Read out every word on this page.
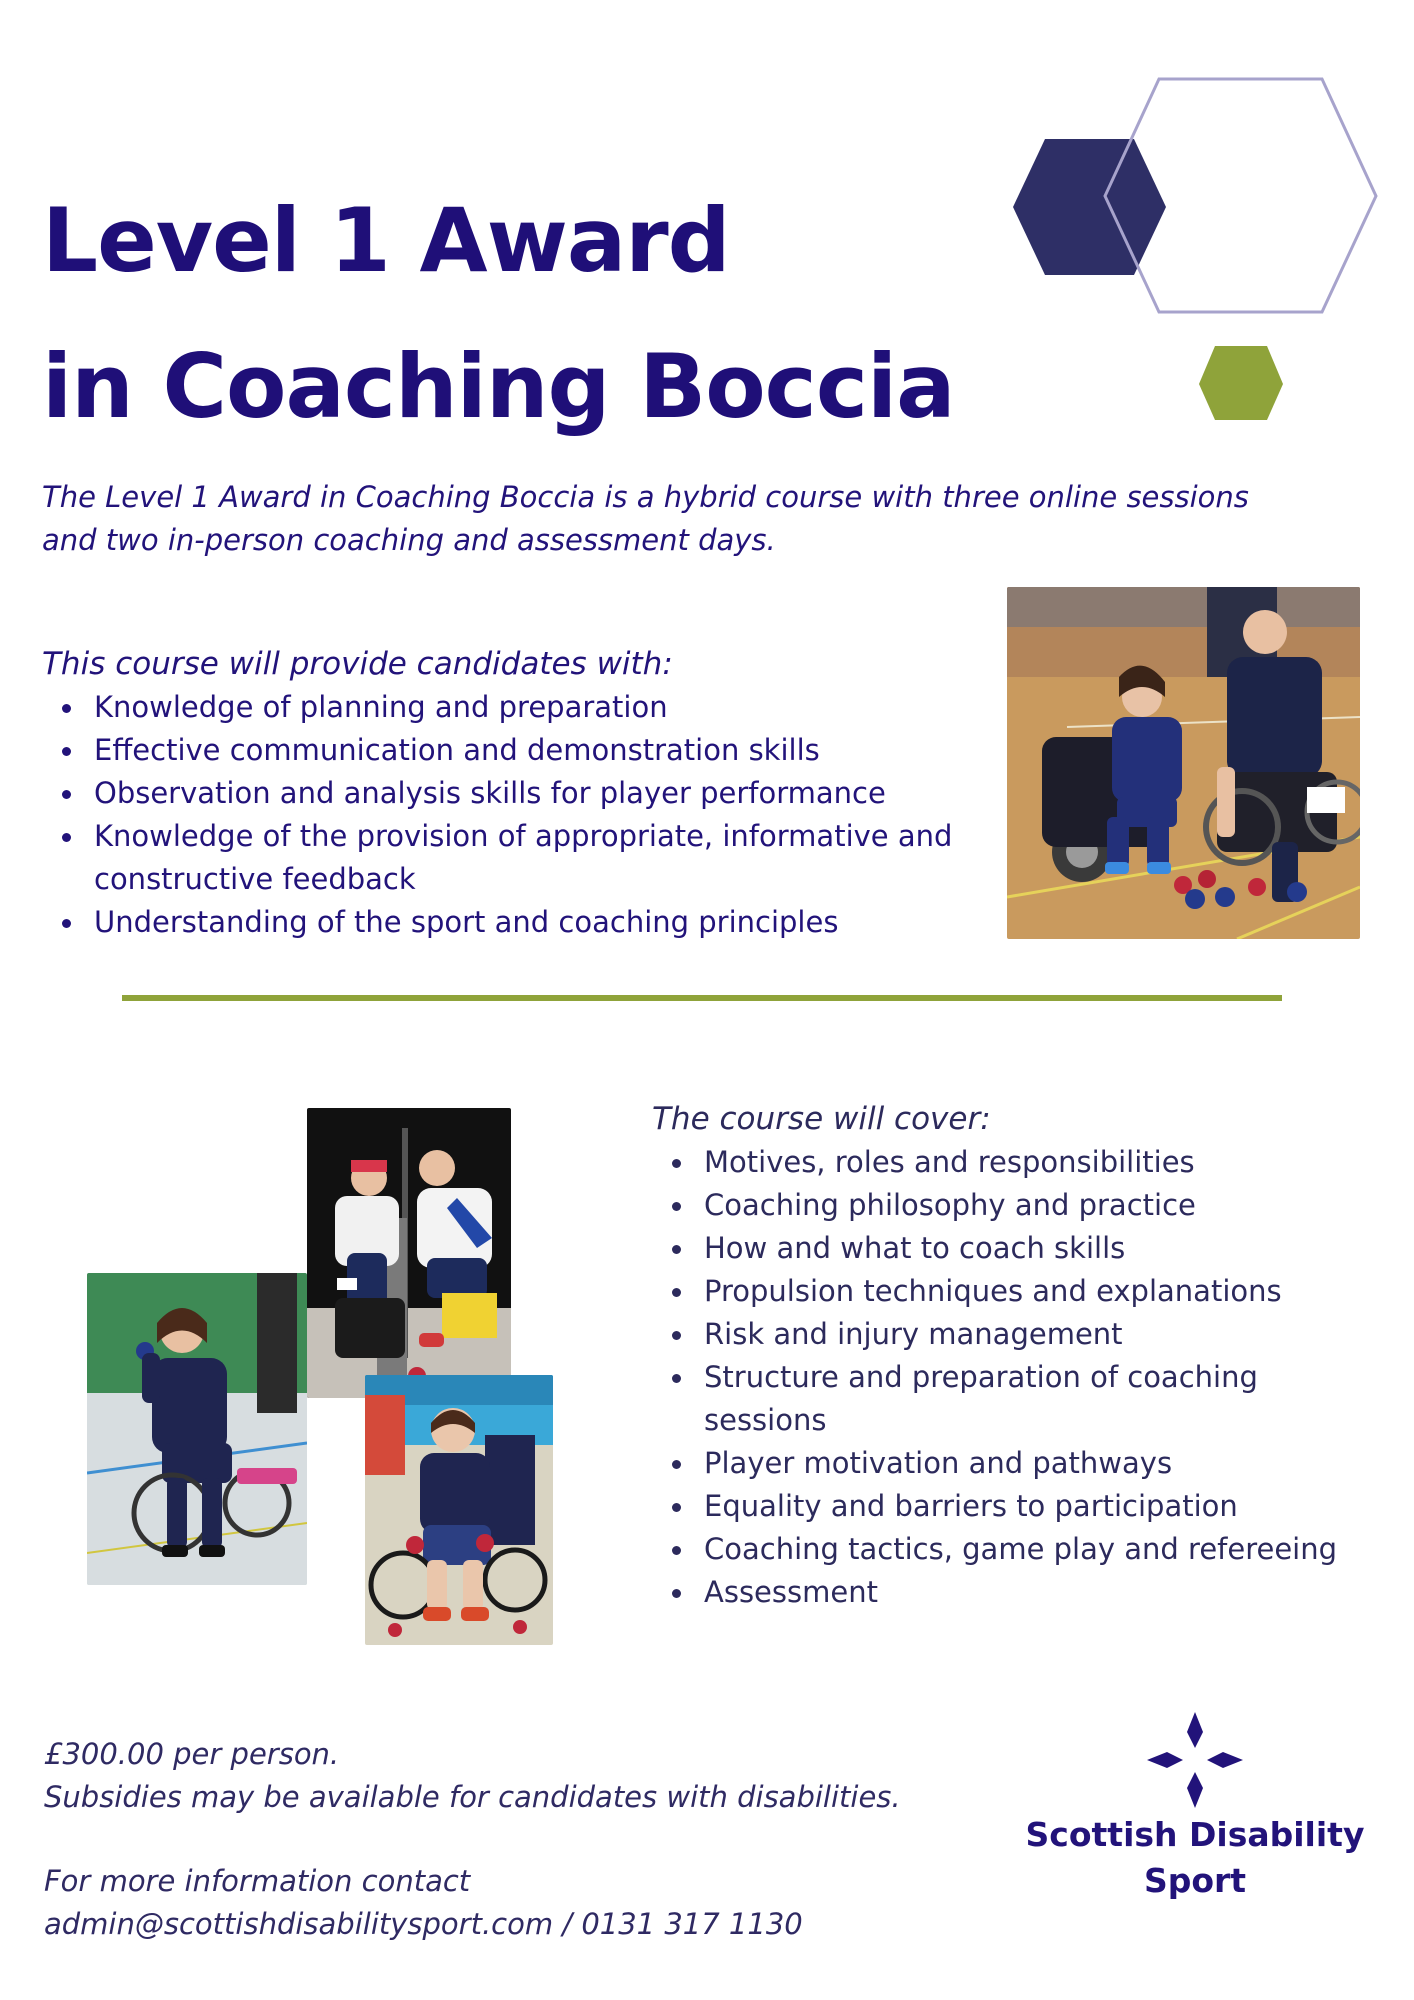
Level 1 Award
in Coaching Boccia

The Level 1 Award in Coaching Boccia is a hybrid course with three online sessions
and two in-person coaching and assessment days.

This course will provide candidates with:

Knowledge of planning and preparation
Effective communication and demonstration skills
Observation and analysis skills for player performance
Knowledge of the provision of appropriate, informative and
constructive feedback
Understanding of the sport and coaching principles

The course will cover:

Motives, roles and responsibilities
Coaching philosophy and practice
How and what to coach skills
Propulsion techniques and explanations
Risk and injury management
Structure and preparation of coaching
sessions
Player motivation and pathways
Equality and barriers to participation
Coaching tactics, game play and refereeing
Assessment

£300.00 per person.

Subsidies may be available for candidates with disabilities.

For more information contact

admin@scottishdisabilitysport.com / 0131 317 1130

Scottish Disability
Sport
